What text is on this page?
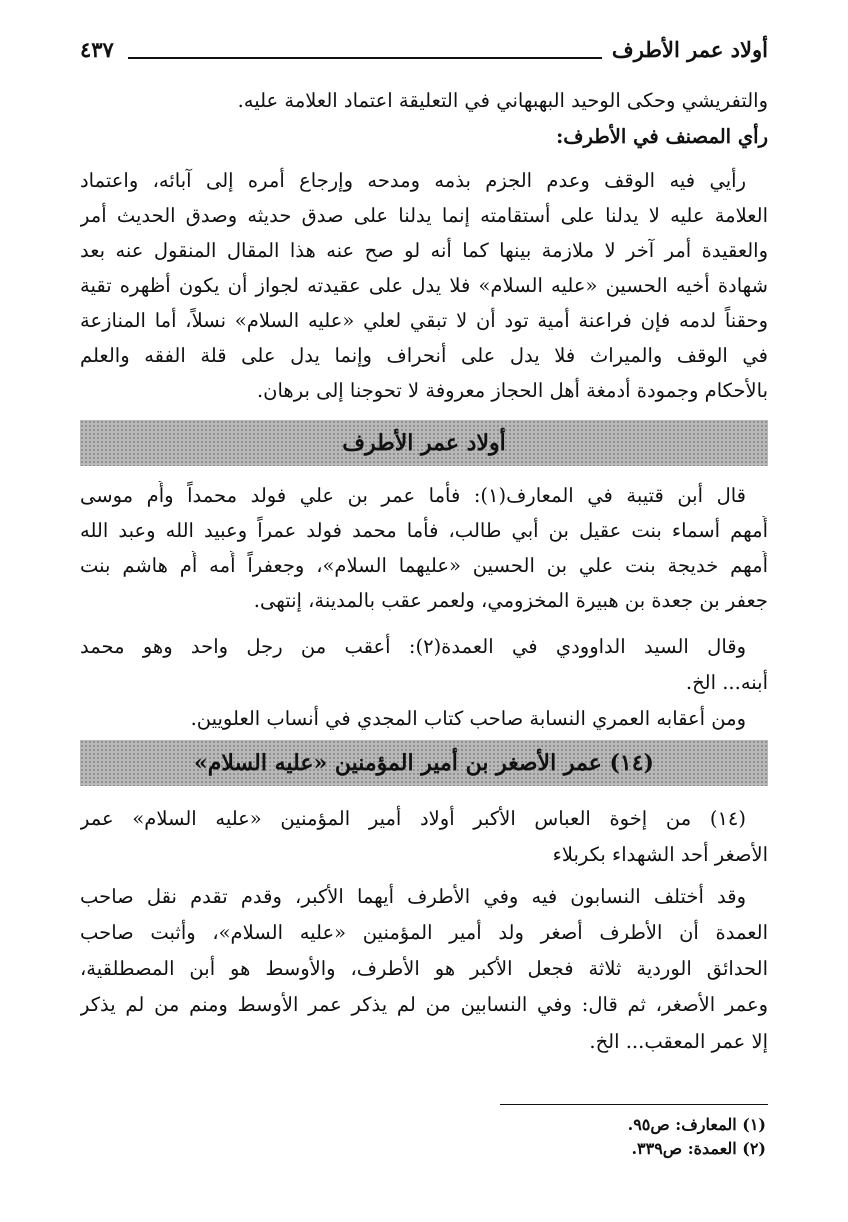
أولاد عمر الأطرف
٤٣٧
والتفريشي وحكى الوحيد البهبهاني في التعليقة اعتماد العلامة عليه.
رأي المصنف في الأطرف:
رأيي فيه الوقف وعدم الجزم بذمه ومدحه وإرجاع أمره إلى آبائه، واعتماد
العلامة عليه لا يدلنا على أستقامته إنما يدلنا على صدق حديثه وصدق الحديث أمر
والعقيدة أمر آخر لا ملازمة بينها كما أنه لو صح عنه هذا المقال المنقول عنه بعد
شهادة أخيه الحسين «عليه السلام» فلا يدل على عقيدته لجواز أن يكون أظهره تقية
وحقناً لدمه فإن فراعنة أمية تود أن لا تبقي لعلي «عليه السلام» نسلاً، أما المنازعة
في الوقف والميراث فلا يدل على أنحراف وإنما يدل على قلة الفقه والعلم
بالأحكام وجمودة أدمغة أهل الحجاز معروفة لا تحوجنا إلى برهان.
أولاد عمر الأطرف
قال أبن قتيبة في المعارف(١): فأما عمر بن علي فولد محمداً وأُم موسى
أُمهم أسماء بنت عقيل بن أبي طالب، فأما محمد فولد عمراً وعبيد الله وعبد الله
أُمهم خديجة بنت علي بن الحسين «عليهما السلام»، وجعفراً أُمه أُم هاشم بنت
جعفر بن جعدة بن هبيرة المخزومي، ولعمر عقب بالمدينة، إنتهى.
وقال السيد الداوودي في العمدة(٢): أعقب من رجل واحد وهو محمد
أبنه... الخ.
ومن أعقابه العمري النسابة صاحب كتاب المجدي في أنساب العلويين.
(١٤) عمر الأصغر بن أمير المؤمنين «عليه السلام»
(١٤) من إخوة العباس الأكبر أولاد أمير المؤمنين «عليه السلام» عمر
الأصغر أحد الشهداء بكربلاء
وقد أختلف النسابون فيه وفي الأطرف أيهما الأكبر، وقدم تقدم نقل صاحب
العمدة أن الأطرف أصغر ولد أمير المؤمنين «عليه السلام»، وأثبت صاحب
الحدائق الوردية ثلاثة فجعل الأكبر هو الأطرف، والأوسط هو أبن المصطلقية،
وعمر الأصغر، ثم قال: وفي النسابين من لم يذكر عمر الأوسط ومنم من لم يذكر
إلا عمر المعقب... الخ.
(١) المعارف: ص٩٥.
(٢) العمدة: ص٣٣٩.
